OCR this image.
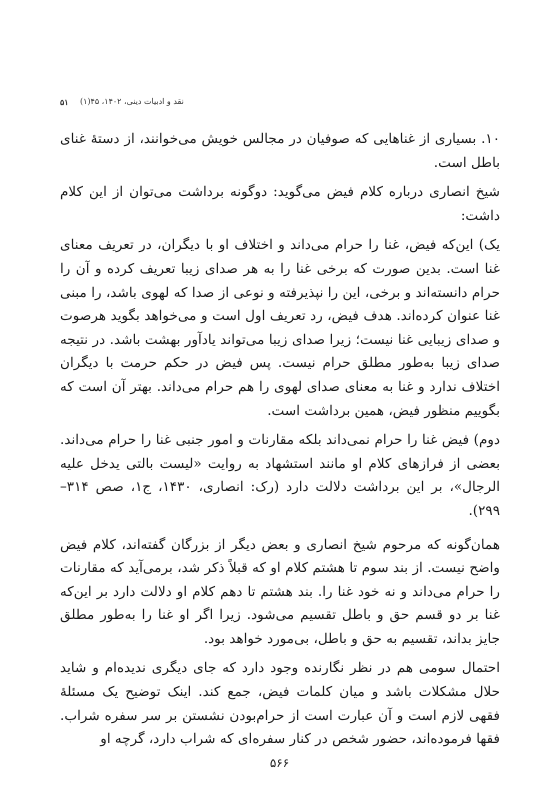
۵۱ نقد و ادبیات دینی، ۱۴۰۲، ۴۵(۱)

۱۰. بسیاری از غناهایی که صوفیان در مجالس خویش می‌خوانند، از دستهٔ غنای باطل است.

شیخ انصاری درباره کلام فیض می‌گوید: دوگونه برداشت می‌توان از این کلام داشت:

یک) این‌که فیض، غنا را حرام می‌داند و اختلاف او با دیگران، در تعریف معنای غنا است. بدین صورت که برخی غنا را به هر صدای زیبا تعریف کرده و آن را حرام دانسته‌اند و برخی، این را نپذیرفته و نوعی از صدا که لهوی باشد، را مبنی غنا عنوان کرده‌اند. هدف فیض، رد تعریف اول است و می‌خواهد بگوید هرصوت و صدای زیبایی غنا نیست؛ زیرا صدای زیبا می‌تواند یادآور بهشت باشد. در نتیجه صدای زیبا به‌طور مطلق حرام نیست. پس فیض در حکم حرمت با دیگران اختلاف ندارد و غنا به معنای صدای لهوی را هم حرام می‌داند. بهتر آن است که بگوییم منظور فیض، همین برداشت است.

دوم) فیض غنا را حرام نمی‌داند بلکه مقارنات و امور جنبی غنا را حرام می‌داند. بعضی از فرازهای کلام او مانند استشهاد به روایت «لیست بالتی یدخل علیه الرجال»، بر این برداشت دلالت دارد (رک: انصاری، ۱۴۳۰، ج۱، صص ۳۱۴–۲۹۹).

همان‌گونه که مرحوم شیخ انصاری و بعض دیگر از بزرگان گفته‌اند، کلام فیض واضح نیست. از بند سوم تا هشتم کلام او که قبلاً ذکر شد، برمی‌آید که مقارنات را حرام می‌داند و نه خود غنا را. بند هشتم تا دهم کلام او دلالت دارد بر این‌که غنا بر دو قسم حق و باطل تقسیم می‌شود. زیرا اگر او غنا را به‌طور مطلق جایز بداند، تقسیم به حق و باطل، بی‌مورد خواهد بود.

احتمال سومی هم در نظر نگارنده وجود دارد که جای دیگری ندیده‌ام و شاید حلال مشکلات باشد و میان کلمات فیض، جمع کند. اینک توضیح یک مسئلهٔ فقهی لازم است و آن عبارت است از حرام‌بودن نشستن بر سر سفره شراب. فقها فرموده‌اند، حضور شخص در کنار سفره‌ای که شراب دارد، گرچه او

۵۶۶
